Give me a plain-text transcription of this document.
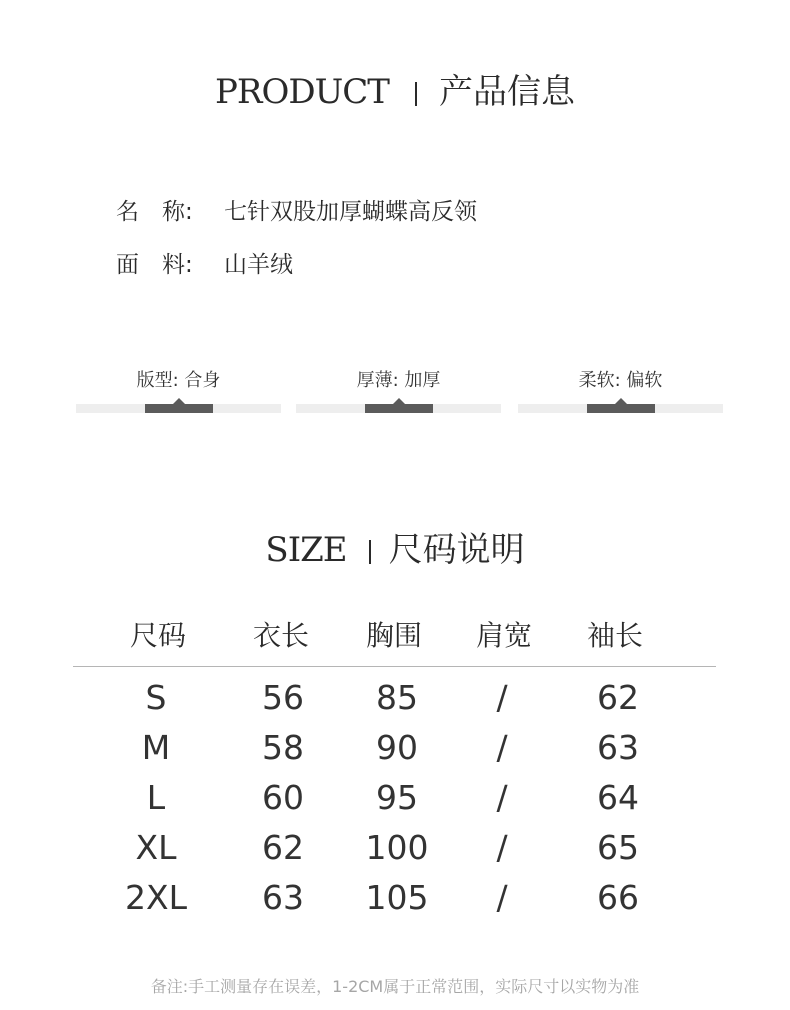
PRODUCT 产品信息
名　称: 七针双股加厚蝴蝶高反领
面　料: 山羊绒
版型: 合身	厚薄: 加厚	柔软: 偏软
SIZE 尺码说明
尺码	衣长	胸围	肩宽	袖长
S	56	85	/	62
M	58	90	/	63
L	60	95	/	64
XL	62	100	/	65
2XL	63	105	/	66
备注:手工测量存在误差，1-2CM属于正常范围，实际尺寸以实物为准
